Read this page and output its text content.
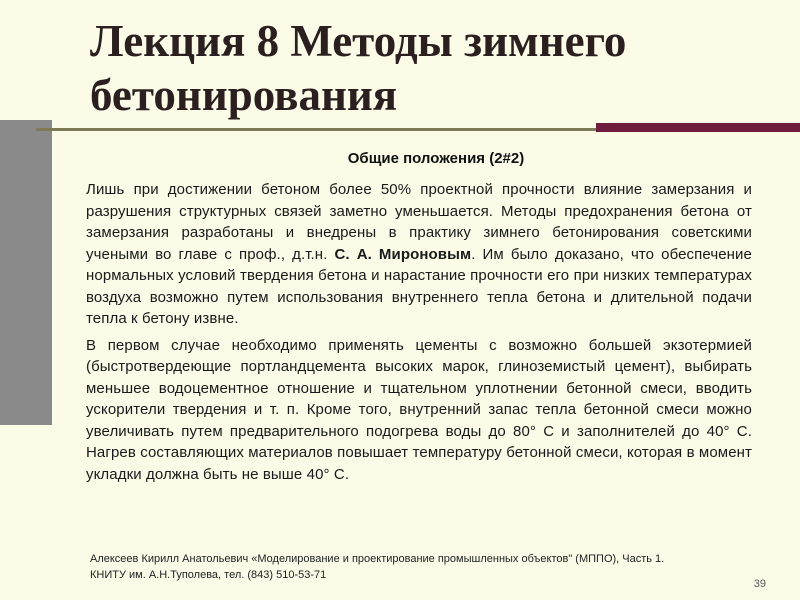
Лекция 8 Методы зимнего
бетонирования
Общие положения (2#2)

Лишь при достижении бетоном более 50% проектной прочности влияние замерзания и разрушения структурных связей заметно уменьшается. Методы предохранения бетона от замерзания разработаны и внедрены в практику зимнего бетонирования советскими учеными во главе с проф., д.т.н. С. А. Мироновым. Им было доказано, что обеспечение нормальных условий твердения бетона и нарастание прочности его при низких температурах воздуха возможно путем использования внутреннего тепла бетона и длительной подачи тепла к бетону извне.

В первом случае необходимо применять цементы с возможно большей экзотермией (быстротвердеющие портландцемента высоких марок, глиноземистый цемент), выбирать меньшее водоцементное отношение и тщательном уплотнении бетонной смеси, вводить ускорители твердения и т. п. Кроме того, внутренний запас тепла бетонной смеси можно увеличивать путем предварительного подогрева воды до 80° С и заполнителей до 40° С. Нагрев составляющих материалов повышает температуру бетонной смеси, которая в момент укладки должна быть не выше 40° С.

Алексеев Кирилл Анатольевич «Моделирование и проектирование промышленных объектов" (МППО), Часть 1.
КНИТУ им. А.Н.Туполева, тел. (843) 510-53-71
39
